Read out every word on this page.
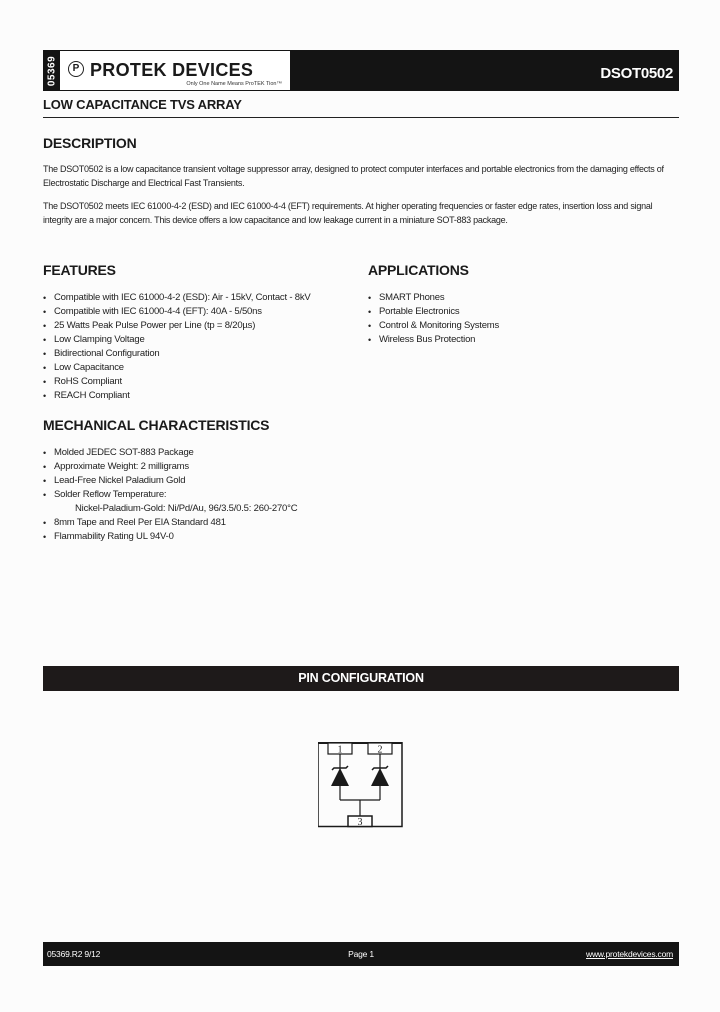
05369	P PROTEK DEVICES
Only One Name Means ProTEK Tion™
DSOT0502
LOW CAPACITANCE TVS ARRAY
DESCRIPTION

The DSOT0502 is a low capacitance transient voltage suppressor array, designed to protect computer interfaces and portable electronics from the damaging effects of Electrostatic Discharge and Electrical Fast Transients.

The DSOT0502 meets IEC 61000-4-2 (ESD) and IEC 61000-4-4 (EFT) requirements. At higher operating frequencies or faster edge rates, insertion loss and signal integrity are a major concern. This device offers a low capacitance and low leakage current in a miniature SOT-883 package.

FEATURES
• Compatible with IEC 61000-4-2 (ESD): Air - 15kV, Contact - 8kV
• Compatible with IEC 61000-4-4 (EFT): 40A - 5/50ns
• 25 Watts Peak Pulse Power per Line (tp = 8/20µs)
• Low Clamping Voltage
• Bidirectional Configuration
• Low Capacitance
• RoHS Compliant
• REACH Compliant
APPLICATIONS
• SMART Phones
• Portable Electronics
• Control & Monitoring Systems
• Wireless Bus Protection
MECHANICAL CHARACTERISTICS
• Molded JEDEC SOT-883 Package
• Approximate Weight: 2 milligrams
• Lead-Free Nickel Paladium Gold
• Solder Reflow Temperature:
Nickel-Paladium-Gold: Ni/Pd/Au, 96/3.5/0.5: 260-270°C
• 8mm Tape and Reel Per EIA Standard 481
• Flammability Rating UL 94V-0
PIN CONFIGURATION
1	2
3
05369.R2 9/12	Page 1	www.protekdevices.com
